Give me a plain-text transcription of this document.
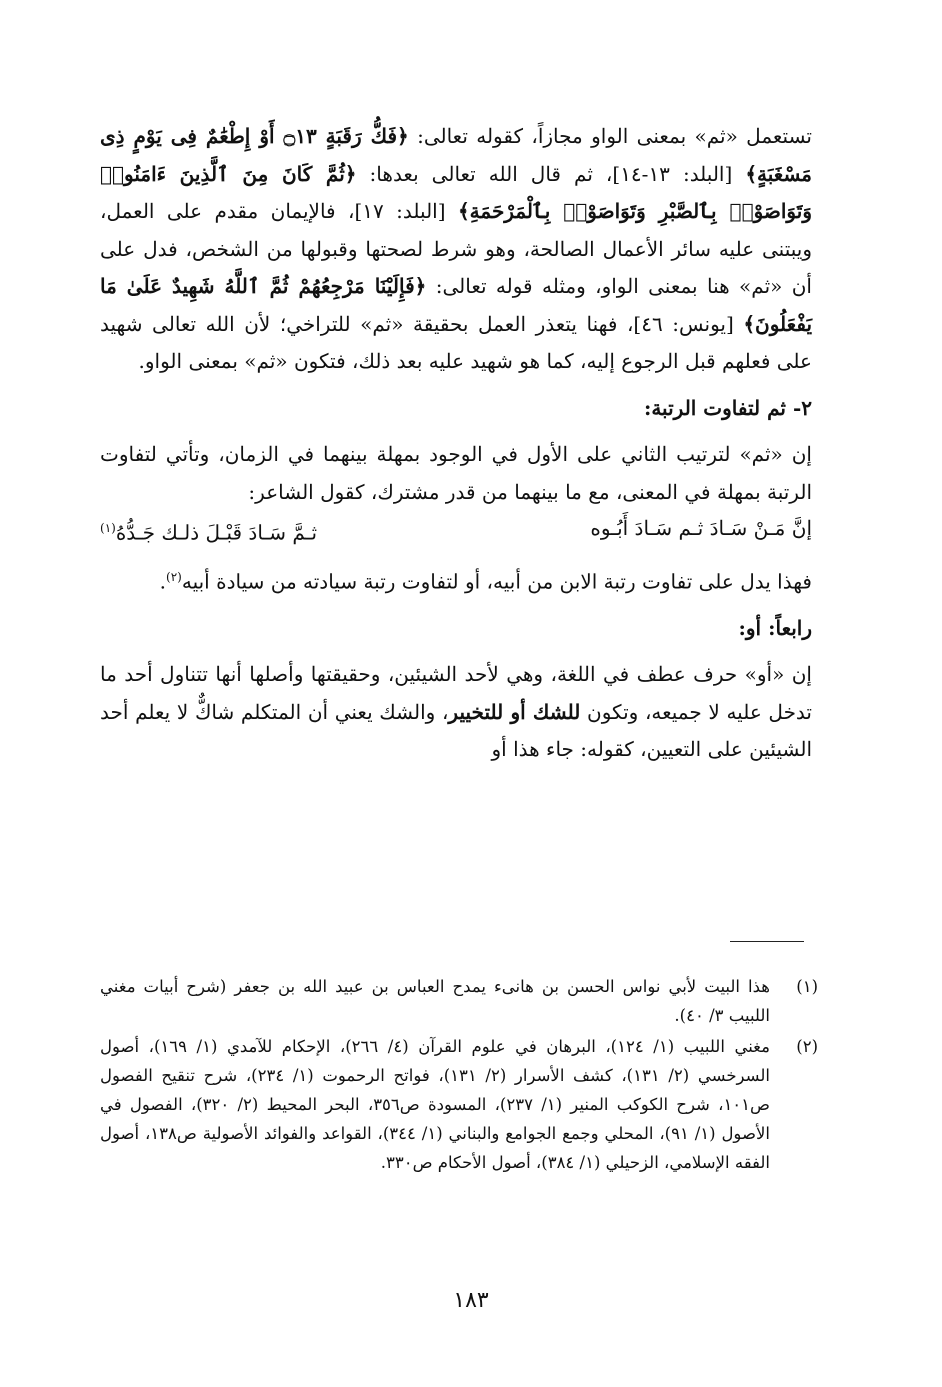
تستعمل «ثم» بمعنى الواو مجازاً، كقوله تعالى: ﴿فَكُّ رَقَبَةٍ ۝١٣ أَوْ إِطْعَٰمٌ فِى يَوْمٍ ذِى مَسْغَبَةٍ﴾ [البلد: ١٣-١٤]، ثم قال الله تعالى بعدها: ﴿ثُمَّ كَانَ مِنَ ٱلَّذِينَ ءَامَنُوا۟ وَتَوَاصَوْا۟ بِٱلصَّبْرِ وَتَوَاصَوْا۟ بِٱلْمَرْحَمَةِ﴾ [البلد: ١٧]، فالإيمان مقدم على العمل، ويبتنى عليه سائر الأعمال الصالحة، وهو شرط لصحتها وقبولها من الشخص، فدل على أن «ثم» هنا بمعنى الواو، ومثله قوله تعالى: ﴿فَإِلَيْنَا مَرْجِعُهُمْ ثُمَّ ٱللَّهُ شَهِيدٌ عَلَىٰ مَا يَفْعَلُونَ﴾ [يونس: ٤٦]، فهنا يتعذر العمل بحقيقة «ثم» للتراخي؛ لأن الله تعالى شهيد على فعلهم قبل الرجوع إليه، كما هو شهيد عليه بعد ذلك، فتكون «ثم» بمعنى الواو.

٢- ثم لتفاوت الرتبة:

إن «ثم» لترتيب الثاني على الأول في الوجود بمهلة بينهما في الزمان، وتأتي لتفاوت الرتبة بمهلة في المعنى، مع ما بينهما من قدر مشترك، كقول الشاعر:

إنَّ مَـنْ سَـادَ ثـم سَـادَ أَبُـوه
ثـمَّ سَـادَ قَبْـلَ ذلـك جَـدُّهُ$^{(١)}$

فهذا يدل على تفاوت رتبة الابن من أبيه، أو لتفاوت رتبة سيادته من سيادة أبيه$^{(٢)}$.

رابعاً: أو:

إن «أو» حرف عطف في اللغة، وهي لأحد الشيئين، وحقيقتها وأصلها أنها تتناول أحد ما تدخل عليه لا جميعه، وتكون للشك أو للتخيير، والشك يعني أن المتكلم شاكٌّ لا يعلم أحد الشيئين على التعيين، كقوله: جاء هذا أو

(١)
هذا البيت لأبي نواس الحسن بن هانىء يمدح العباس بن عبيد الله بن جعفر (شرح أبيات مغني اللبيب ٣/ ٤٠).
(٢)
مغني اللبيب (١/ ١٢٤)، البرهان في علوم القرآن (٤/ ٢٦٦)، الإحكام للآمدي (١/ ١٦٩)، أصول السرخسي (٢/ ١٣١)، كشف الأسرار (٢/ ١٣١)، فواتح الرحموت (١/ ٢٣٤)، شرح تنقيح الفصول ص١٠١، شرح الكوكب المنير (١/ ٢٣٧)، المسودة ص٣٥٦، البحر المحيط (٢/ ٣٢٠)، الفصول في الأصول (١/ ٩١)، المحلي وجمع الجوامع والبناني (١/ ٣٤٤)، القواعد والفوائد الأصولية ص١٣٨، أصول الفقه الإسلامي، الزحيلي (١/ ٣٨٤)، أصول الأحكام ص٣٣٠.
١٨٣
